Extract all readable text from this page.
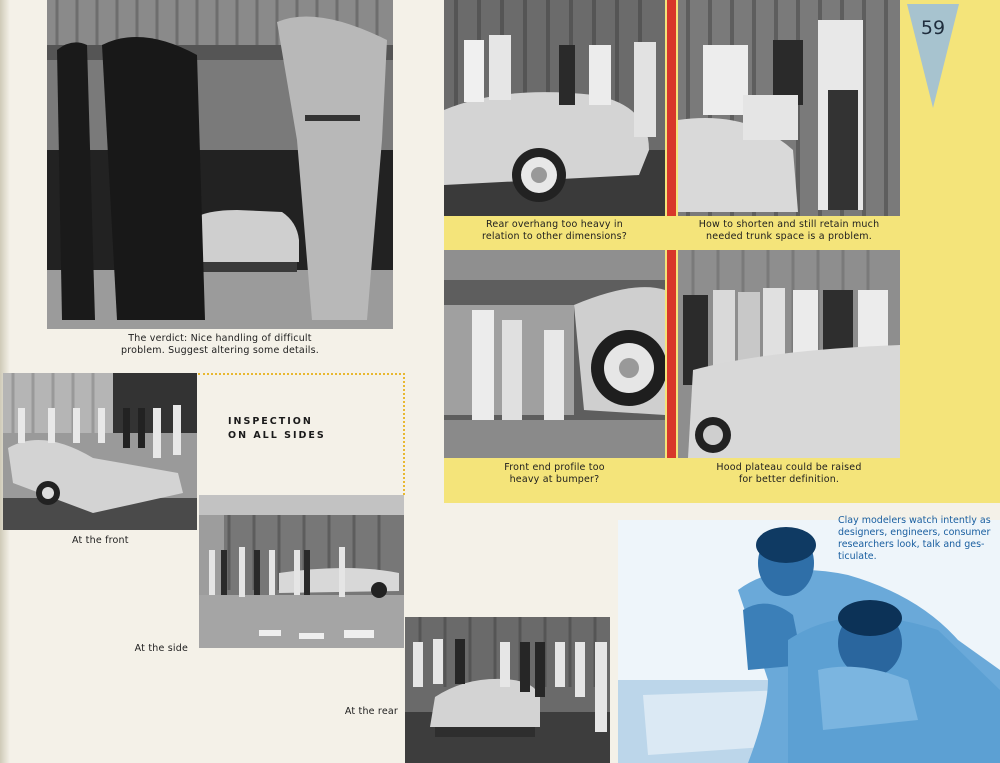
The verdict: Nice handling of difficult
problem. Suggest altering some details.
Rear overhang too heavy in
relation to other dimensions?
How to shorten and still retain much
needed trunk space is a problem.
59
Front end profile too
heavy at bumper?
Hood plateau could be raised
for better definition.
At the front
INSPECTION
ON ALL SIDES
At the side
At the rear
Clay modelers watch intently as
designers, engineers, consumer
researchers look, talk and ges-
ticulate.
